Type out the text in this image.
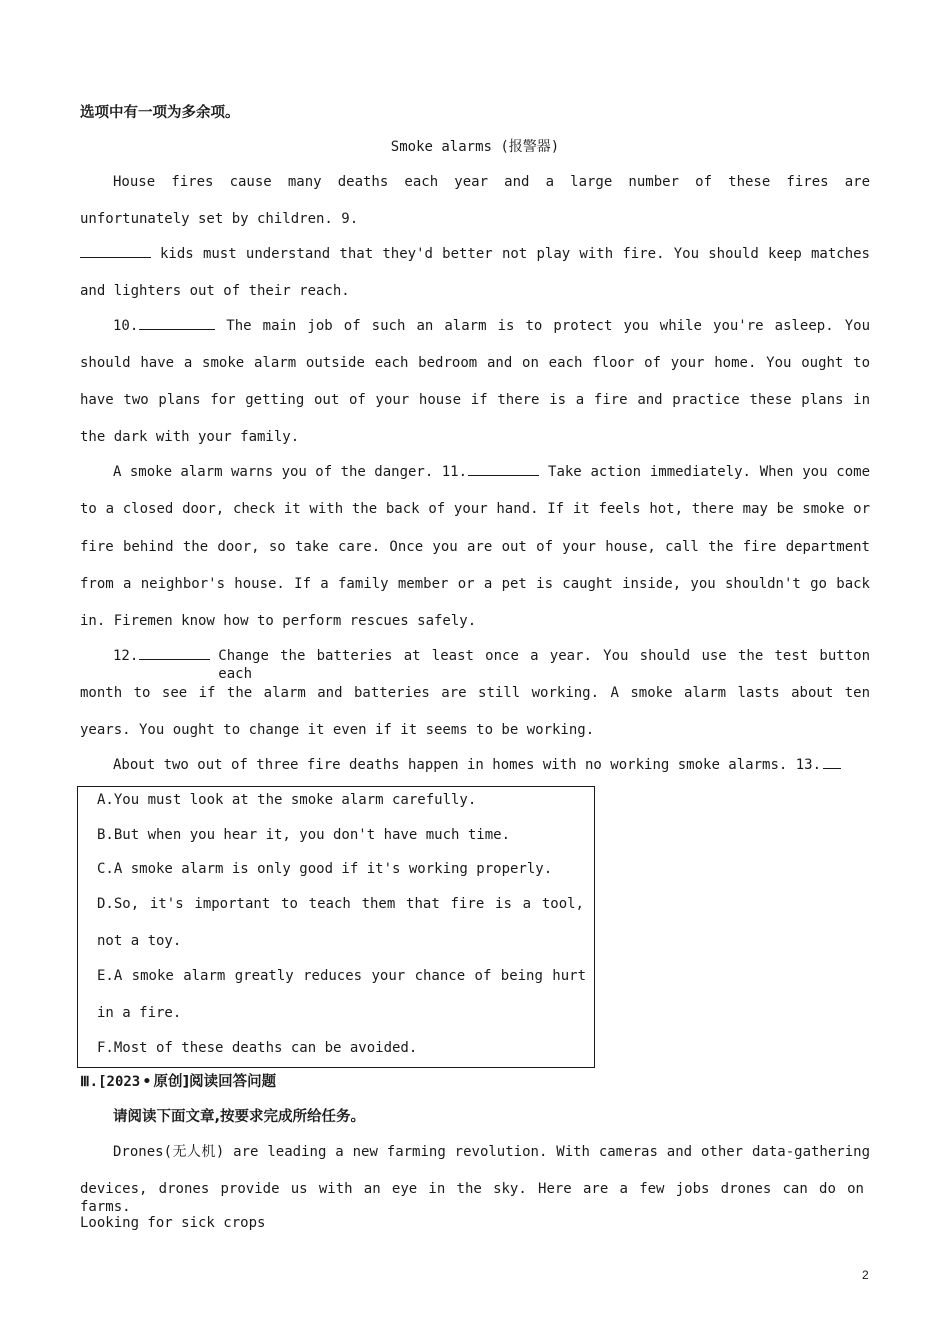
选项中有一项为多余项。
Smoke alarms (报警器)
House fires cause many deaths each year and a large number of these fires are
unfortunately set by children. 9.
kids must understand that they'd better not play with fire. You should keep matches
and lighters out of their reach.
10.	The main job of such an alarm is to protect you while you're asleep. You
should have a smoke alarm outside each bedroom and on each floor of your home. You ought to
have two plans for getting out of your house if there is a fire and practice these plans in
the dark with your family.
A smoke alarm warns you of the danger. 11.	Take action immediately. When you come
to a closed door, check it with the back of your hand. If it feels hot, there may be smoke or
fire behind the door, so take care. Once you are out of your house, call the fire department
from a neighbor's house. If a family member or a pet is caught inside, you shouldn't go back
in. Firemen know how to perform rescues safely.
12.	Change the batteries at least once a year. You should use the test button each
month to see if the alarm and batteries are still working. A smoke alarm lasts about ten
years. You ought to change it even if it seems to be working.
About two out of three fire deaths happen in homes with no working smoke alarms. 13.
A.You must look at the smoke alarm carefully.
B.But when you hear it, you don't have much time.
C.A smoke alarm is only good if it's working properly.
D.So, it's important to teach them that fire is a tool,
not a toy.
E.A smoke alarm greatly reduces your chance of being hurt
in a fire.
F.Most of these deaths can be avoided.
Ⅲ.[2023 • 原创]阅读回答问题
请阅读下面文章,按要求完成所给任务。
Drones(无人机) are leading a new farming revolution. With cameras and other data-gathering
devices, drones provide us with an eye in the sky. Here are a few jobs drones can do on farms.
Looking for sick crops
2
